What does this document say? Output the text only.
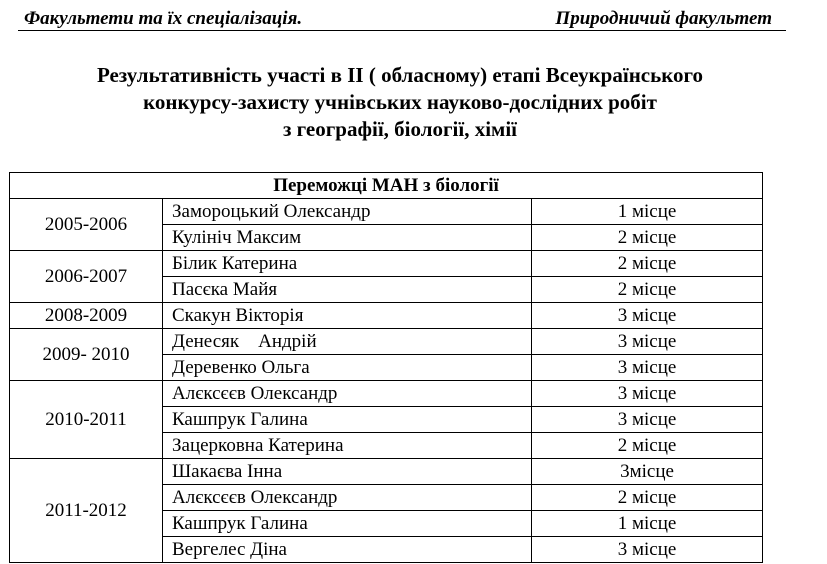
Факультети та їх спеціалізація.	Природничий факультет
Результативність участі в ІІ ( обласному) етапі Всеукраїнського
конкурсу-захисту учнівських науково-дослідних робіт
з географії, біології, хімії
Переможці МАН з біології		
2005-2006	Замороцький Олександр	1 місце
	Кулініч Максим	2 місце
2006-2007	Білик Катерина	2 місце
	Пасєка Майя	2 місце
2008-2009	Скакун Вікторія	3 місце
2009- 2010	Денесяк    Андрій	3 місце
	Деревенко Ольга	3 місце
2010-2011	Алєксєєв Олександр	3 місце
	Кашпрук Галина	3 місце
	Зацерковна Катерина	2 місце
2011-2012	Шакаєва Інна	3місце
	Алєксєєв Олександр	2 місце
	Кашпрук Галина	1 місце
	Вергелес Діна	3 місце
